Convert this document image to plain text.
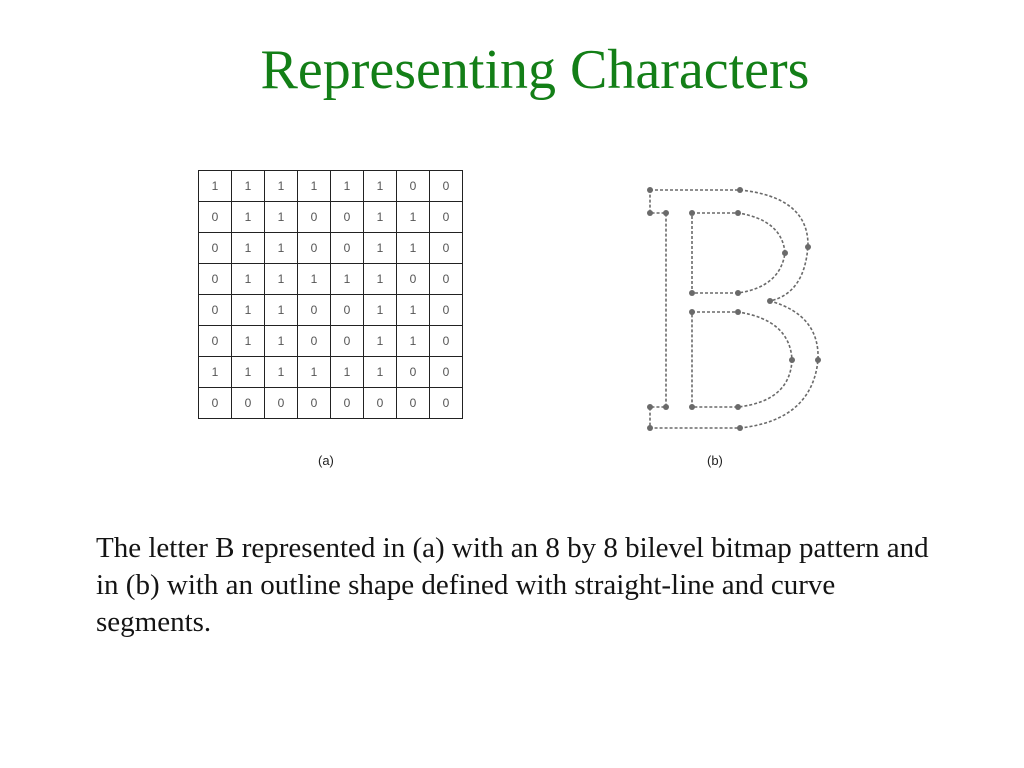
Representing Characters
1	1	1	1	1	1	0	0
0	1	1	0	0	1	1	0
0	1	1	0	0	1	1	0
0	1	1	1	1	1	0	0
0	1	1	0	0	1	1	0
0	1	1	0	0	1	1	0
1	1	1	1	1	1	0	0
0	0	0	0	0	0	0	0
(a)	(b)

The letter B represented in (a) with an 8 by 8 bilevel bitmap pattern and
in (b) with an outline shape defined with straight-line and curve
segments.
